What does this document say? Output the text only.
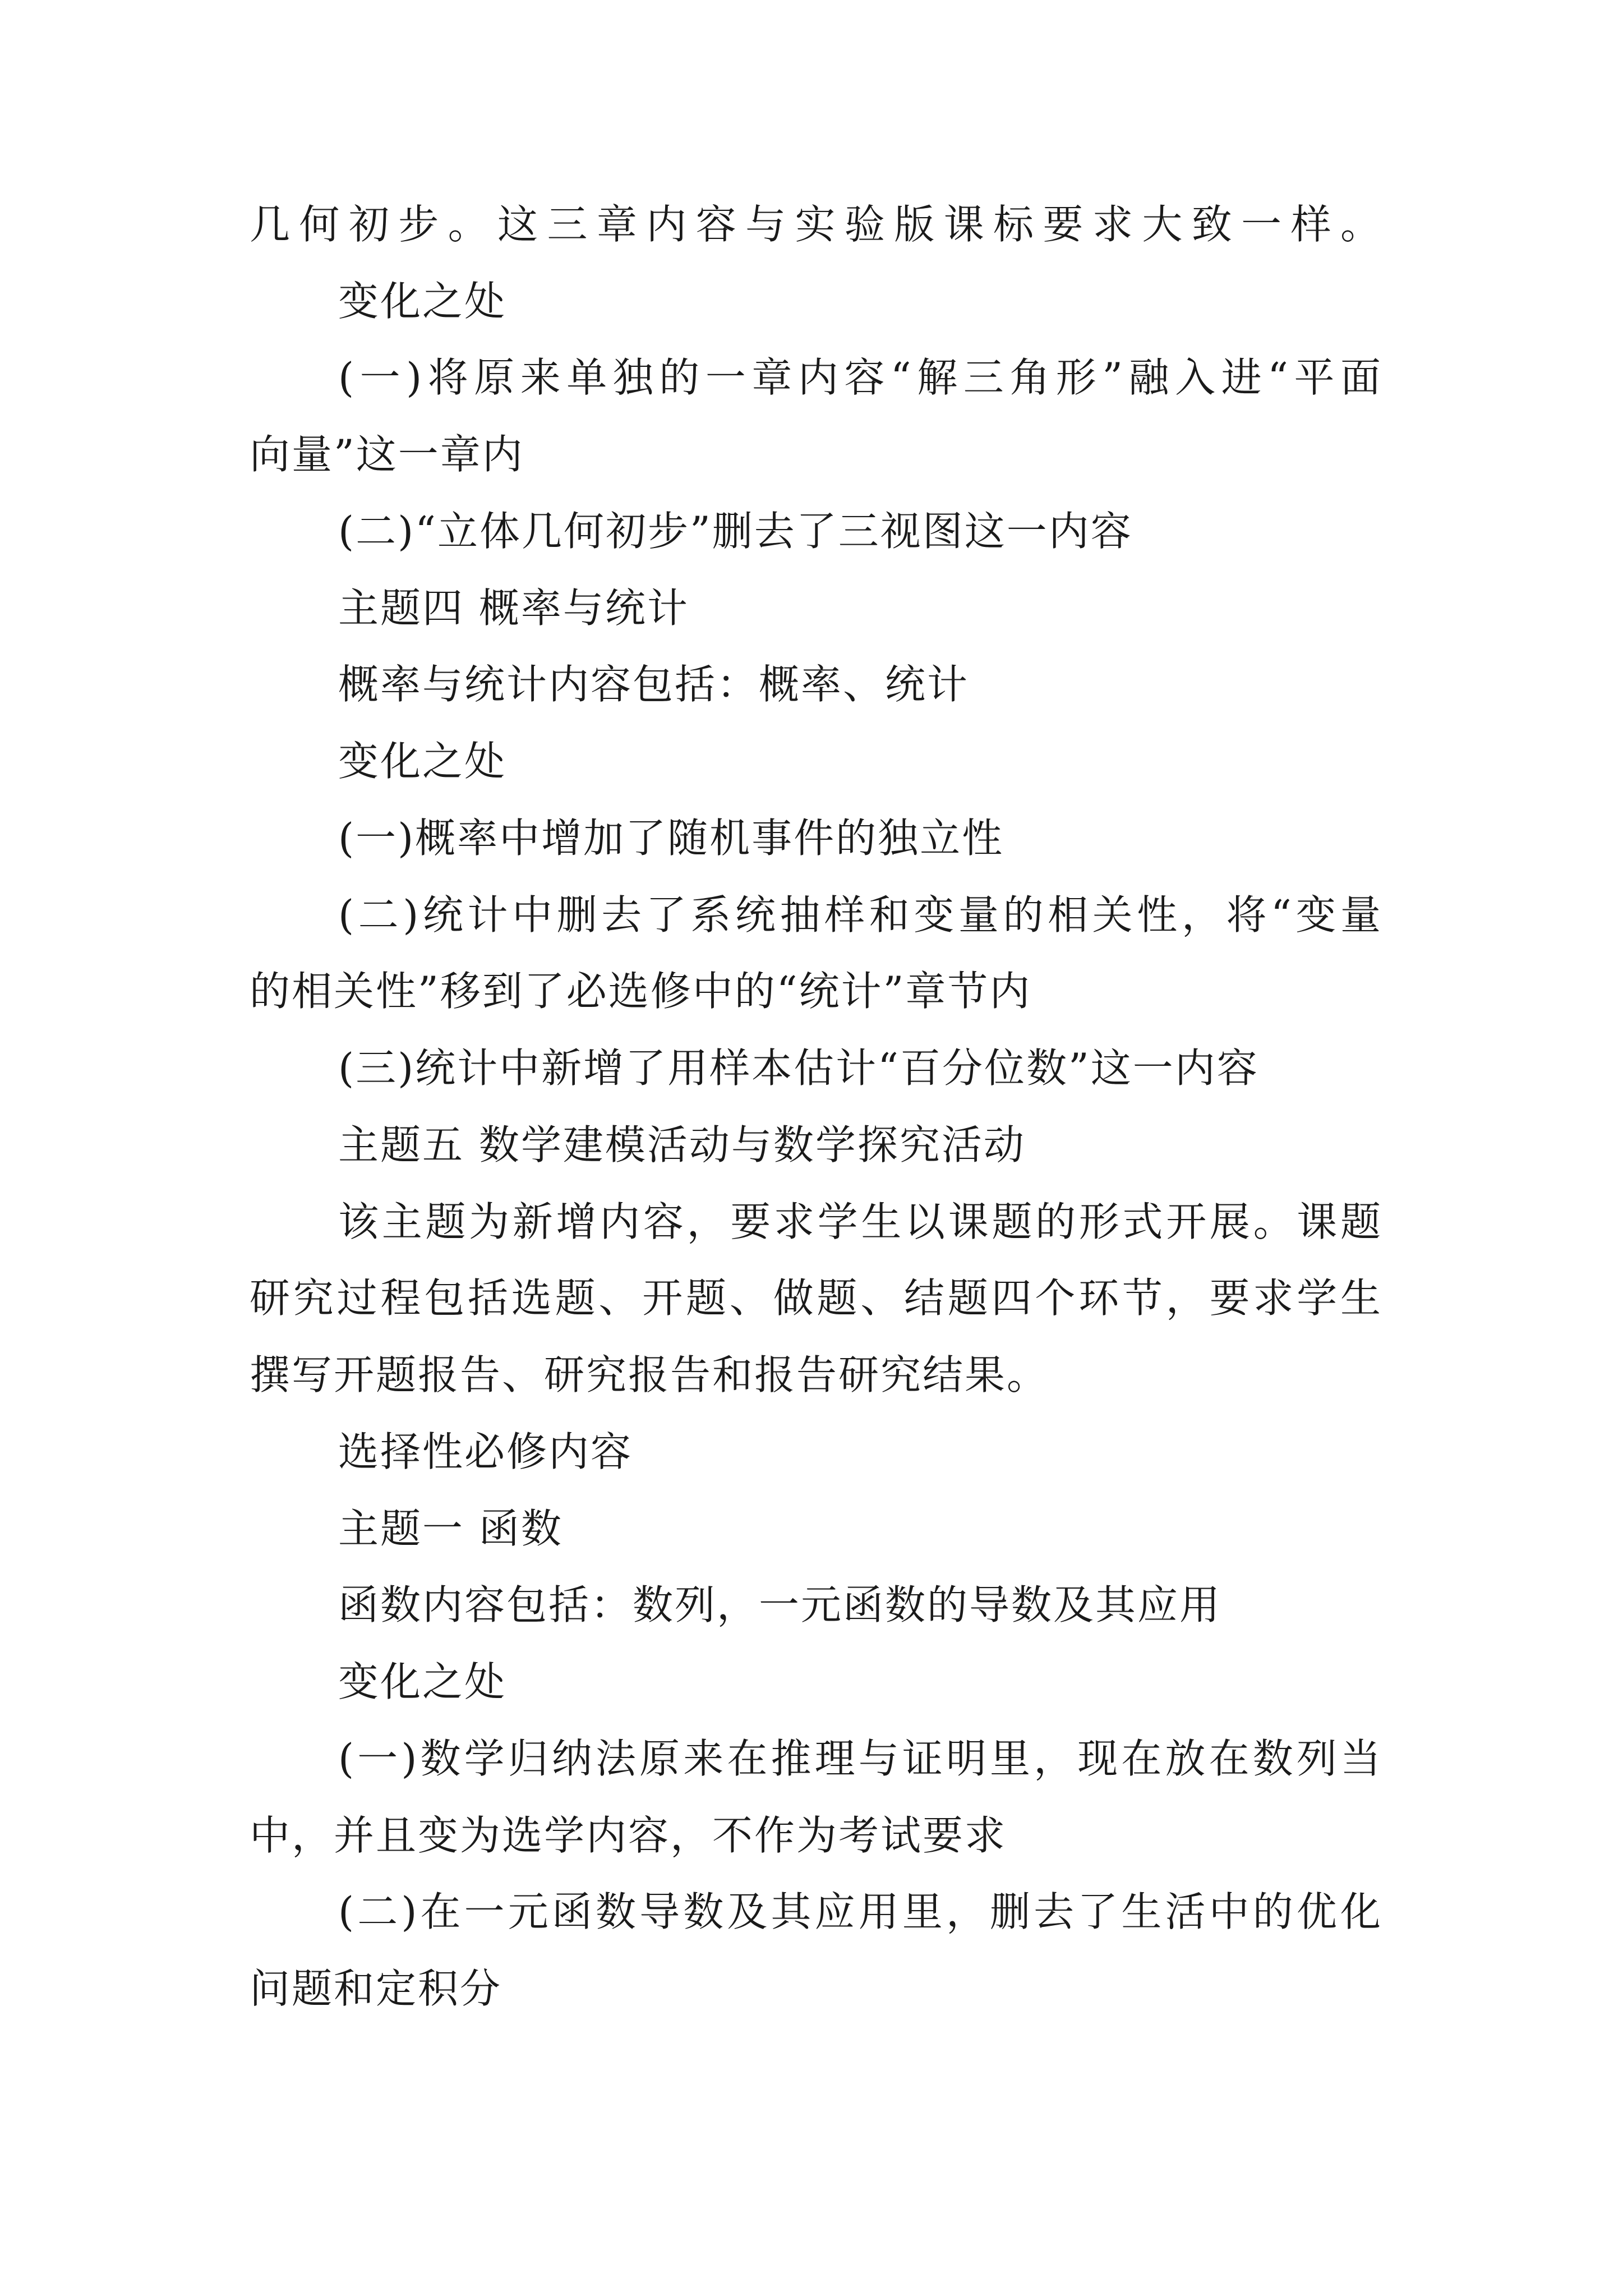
几何初步。这三章内容与实验版课标要求大致一样。
变化之处
(一)将原来单独的一章内容“解三角形”融入进“平面
向量”这一章内
(二)“立体几何初步”删去了三视图这一内容
主题四 概率与统计
概率与统计内容包括：概率、统计
变化之处
(一)概率中增加了随机事件的独立性
(二)统计中删去了系统抽样和变量的相关性，将“变量
的相关性”移到了必选修中的“统计”章节内
(三)统计中新增了用样本估计“百分位数”这一内容
主题五 数学建模活动与数学探究活动
该主题为新增内容，要求学生以课题的形式开展。课题
研究过程包括选题、开题、做题、结题四个环节，要求学生
撰写开题报告、研究报告和报告研究结果。
选择性必修内容
主题一 函数
函数内容包括：数列，一元函数的导数及其应用
变化之处
(一)数学归纳法原来在推理与证明里，现在放在数列当
中，并且变为选学内容，不作为考试要求
(二)在一元函数导数及其应用里，删去了生活中的优化
问题和定积分
